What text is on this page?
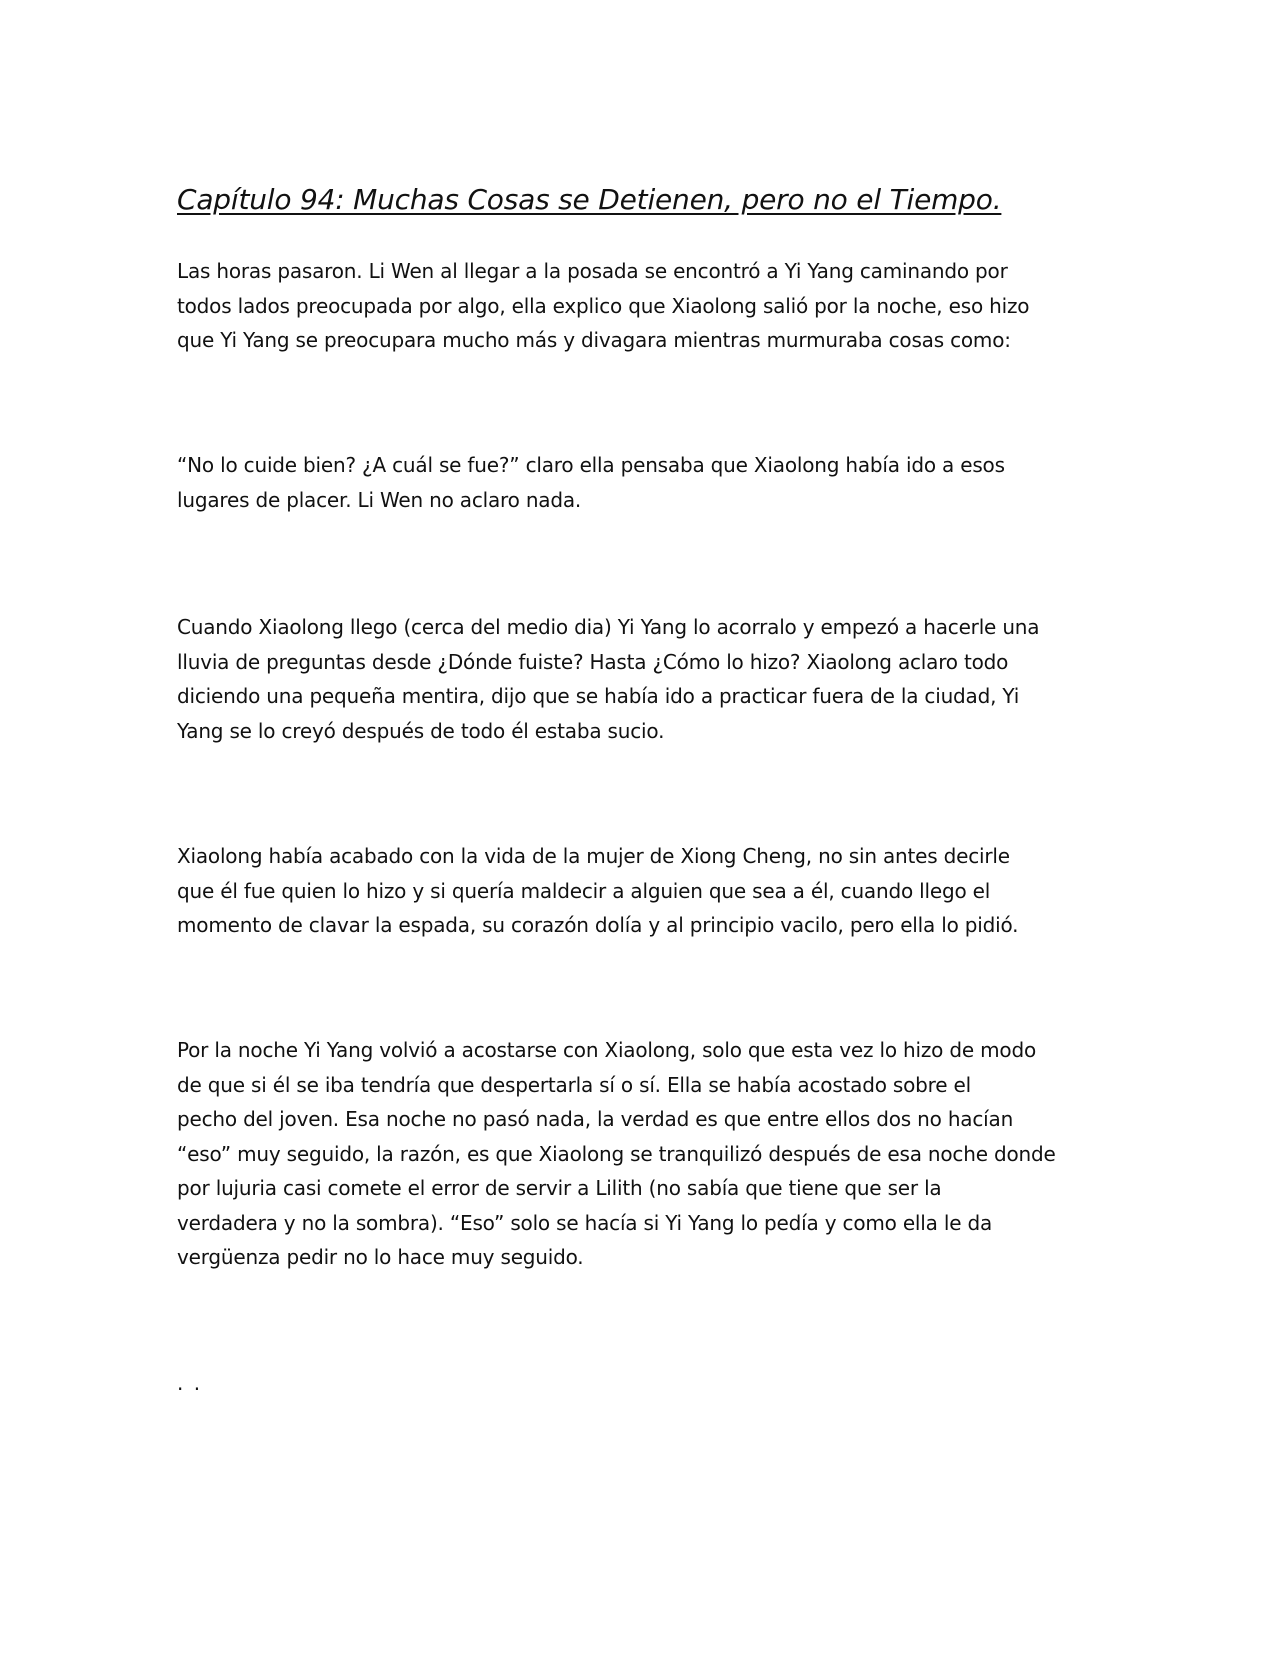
Capítulo 94: Muchas Cosas se Detienen, pero no el Tiempo.

Las horas pasaron. Li Wen al llegar a la posada se encontró a Yi Yang caminando por
todos lados preocupada por algo, ella explico que Xiaolong salió por la noche, eso hizo
que Yi Yang se preocupara mucho más y divagara mientras murmuraba cosas como:

“No lo cuide bien? ¿A cuál se fue?” claro ella pensaba que Xiaolong había ido a esos
lugares de placer. Li Wen no aclaro nada.

Cuando Xiaolong llego (cerca del medio dia) Yi Yang lo acorralo y empezó a hacerle una
lluvia de preguntas desde ¿Dónde fuiste? Hasta ¿Cómo lo hizo? Xiaolong aclaro todo
diciendo una pequeña mentira, dijo que se había ido a practicar fuera de la ciudad, Yi
Yang se lo creyó después de todo él estaba sucio.

Xiaolong había acabado con la vida de la mujer de Xiong Cheng, no sin antes decirle
que él fue quien lo hizo y si quería maldecir a alguien que sea a él, cuando llego el
momento de clavar la espada, su corazón dolía y al principio vacilo, pero ella lo pidió.

Por la noche Yi Yang volvió a acostarse con Xiaolong, solo que esta vez lo hizo de modo
de que si él se iba tendría que despertarla sí o sí. Ella se había acostado sobre el
pecho del joven. Esa noche no pasó nada, la verdad es que entre ellos dos no hacían
“eso” muy seguido, la razón, es que Xiaolong se tranquilizó después de esa noche donde
por lujuria casi comete el error de servir a Lilith (no sabía que tiene que ser la
verdadera y no la sombra). “Eso” solo se hacía si Yi Yang lo pedía y como ella le da
vergüenza pedir no lo hace muy seguido.

. .
